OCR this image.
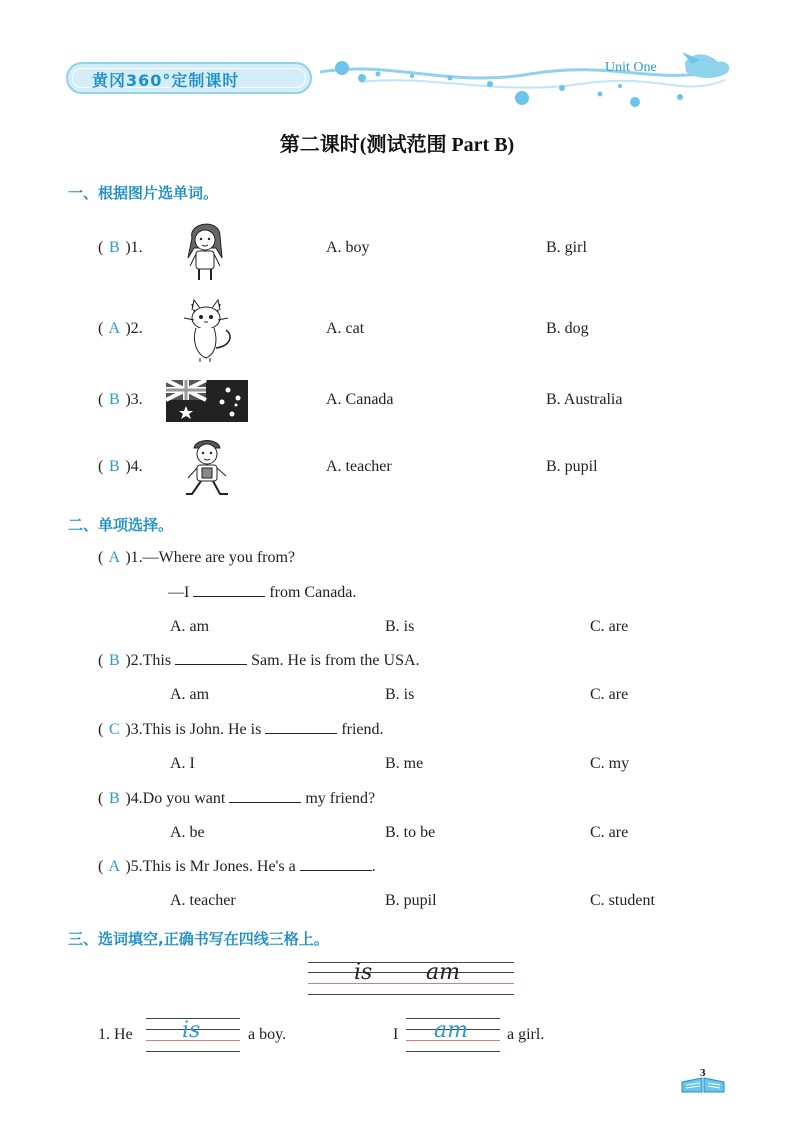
黄冈360°定制课时
Unit One
第二课时(测试范围 Part B)
一、根据图片选单词。
( B )1.	A. boy	B. girl
( A )2.	A. cat	B. dog
( B )3.	A. Canada	B. Australia
( B )4.	A. teacher	B. pupil
二、单项选择。
( A )1.—Where are you from?
—I	from Canada.
A. am	B. is	C. are
( B )2.This	Sam. He is from the USA.
A. am	B. is	C. are
( C )3.This is John. He is	friend.
A. I	B. me	C. my
( B )4.Do you want	my friend?
A. be	B. to be	C. are
( A )5.This is Mr Jones. He's a	.
A. teacher	B. pupil	C. student
三、选词填空,正确书写在四线三格上。
is am
1. He is	a boy.	I am a girl.
3
